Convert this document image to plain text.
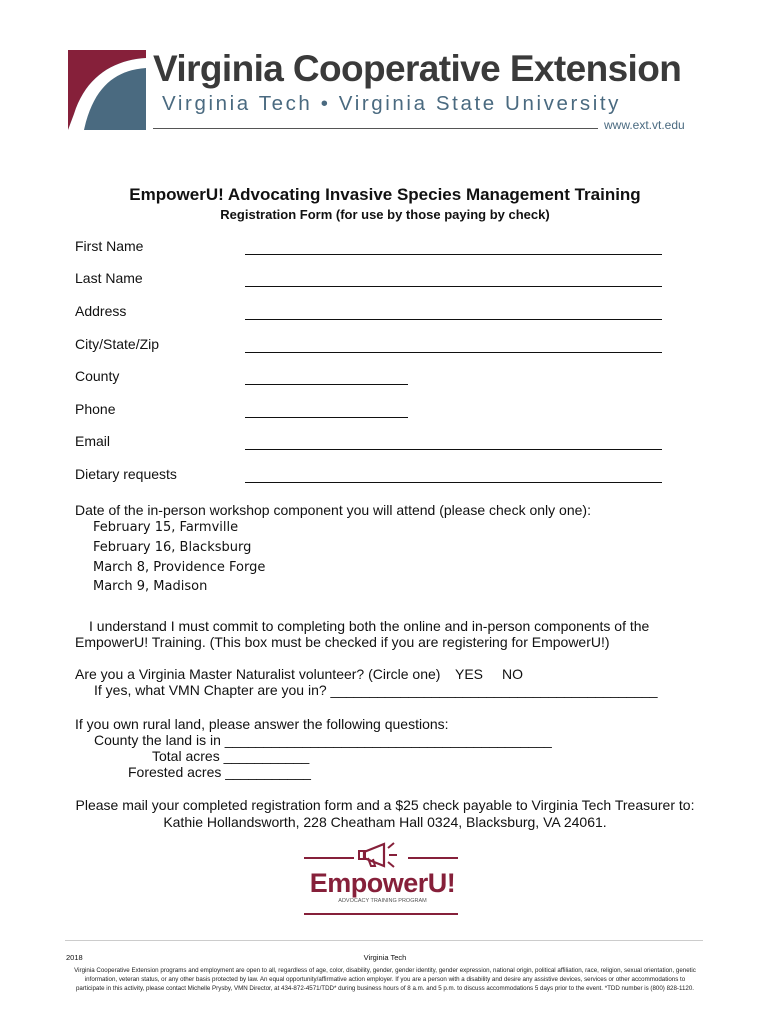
Virginia Cooperative Extension
Virginia Tech • Virginia State University
www.ext.vt.edu
EmpowerU! Advocating Invasive Species Management Training
Registration Form (for use by those paying by check)
First Name
Last Name
Address
City/State/Zip
County
Phone
Email
Dietary requests
Date of the in-person workshop component you will attend (please check only one):
February 15, Farmville
February 16, Blacksburg
March 8, Providence Forge
March 9, Madison
I understand I must commit to completing both the online and in-person components of the
EmpowerU! Training. (This box must be checked if you are registering for EmpowerU!)
Are you a Virginia Master Naturalist volunteer? (Circle one) YES NO
If yes, what VMN Chapter are you in? __________________________________________
If you own rural land, please answer the following questions:
County the land is in __________________________________________
Total acres ___________
Forested acres ___________
Please mail your completed registration form and a $25 check payable to Virginia Tech Treasurer to:
Kathie Hollandsworth, 228 Cheatham Hall 0324, Blacksburg, VA 24061.
EmpowerU!
ADVOCACY TRAINING PROGRAM
2018	Virginia Tech
Virginia Cooperative Extension programs and employment are open to all, regardless of age, color, disability, gender, gender identity, gender expression, national origin, political affiliation, race, religion, sexual orientation, genetic information, veteran status, or any other basis protected by law. An equal opportunity/affirmative action employer. If you are a person with a disability and desire any assistive devices, services or other accommodations to participate in this activity, please contact Michelle Prysby, VMN Director, at 434-872-4571/TDD* during business hours of 8 a.m. and 5 p.m. to discuss accommodations 5 days prior to the event. *TDD number is (800) 828-1120.
